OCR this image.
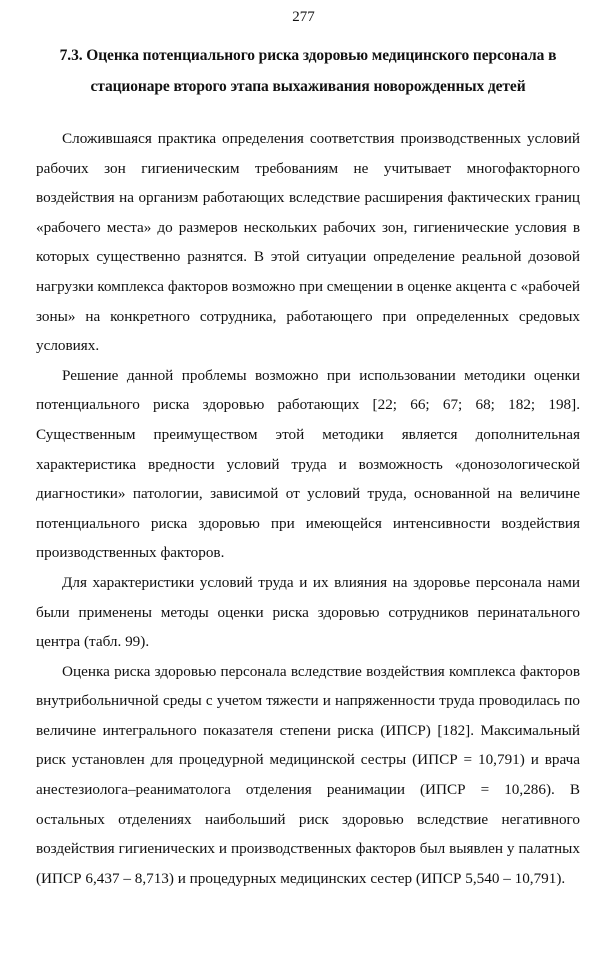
277
7.3. Оценка потенциального риска здоровью медицинского персонала в стационаре второго этапа выхаживания новорожденных детей

Сложившаяся практика определения соответствия производственных условий рабочих зон гигиеническим требованиям не учитывает многофакторного воздействия на организм работающих вследствие расширения фактических границ «рабочего места» до размеров нескольких рабочих зон, гигиенические условия в которых существенно разнятся. В этой ситуации определение реальной дозовой нагрузки комплекса факторов возможно при смещении в оценке акцента с «рабочей зоны» на конкретного сотрудника, работающего при определенных средовых условиях.

Решение данной проблемы возможно при использовании методики оценки потенциального риска здоровью работающих [22; 66; 67; 68; 182; 198]. Существенным преимуществом этой методики является дополнительная характеристика вредности условий труда и возможность «донозологической диагностики» патологии, зависимой от условий труда, основанной на величине потенциального риска здоровью при имеющейся интенсивности воздействия производственных факторов.

Для характеристики условий труда и их влияния на здоровье персонала нами были применены методы оценки риска здоровью сотрудников перинатального центра (табл. 99).

Оценка риска здоровью персонала вследствие воздействия комплекса факторов внутрибольничной среды с учетом тяжести и напряженности труда проводилась по величине интегрального показателя степени риска (ИПСР) [182]. Максимальный риск установлен для процедурной медицинской сестры (ИПСР = 10,791) и врача анестезиолога–реаниматолога отделения реанимации (ИПСР = 10,286). В остальных отделениях наибольший риск здоровью вследствие негативного воздействия гигиенических и производственных факторов был выявлен у палатных (ИПСР 6,437 – 8,713) и процедурных медицинских сестер (ИПСР 5,540 – 10,791).
